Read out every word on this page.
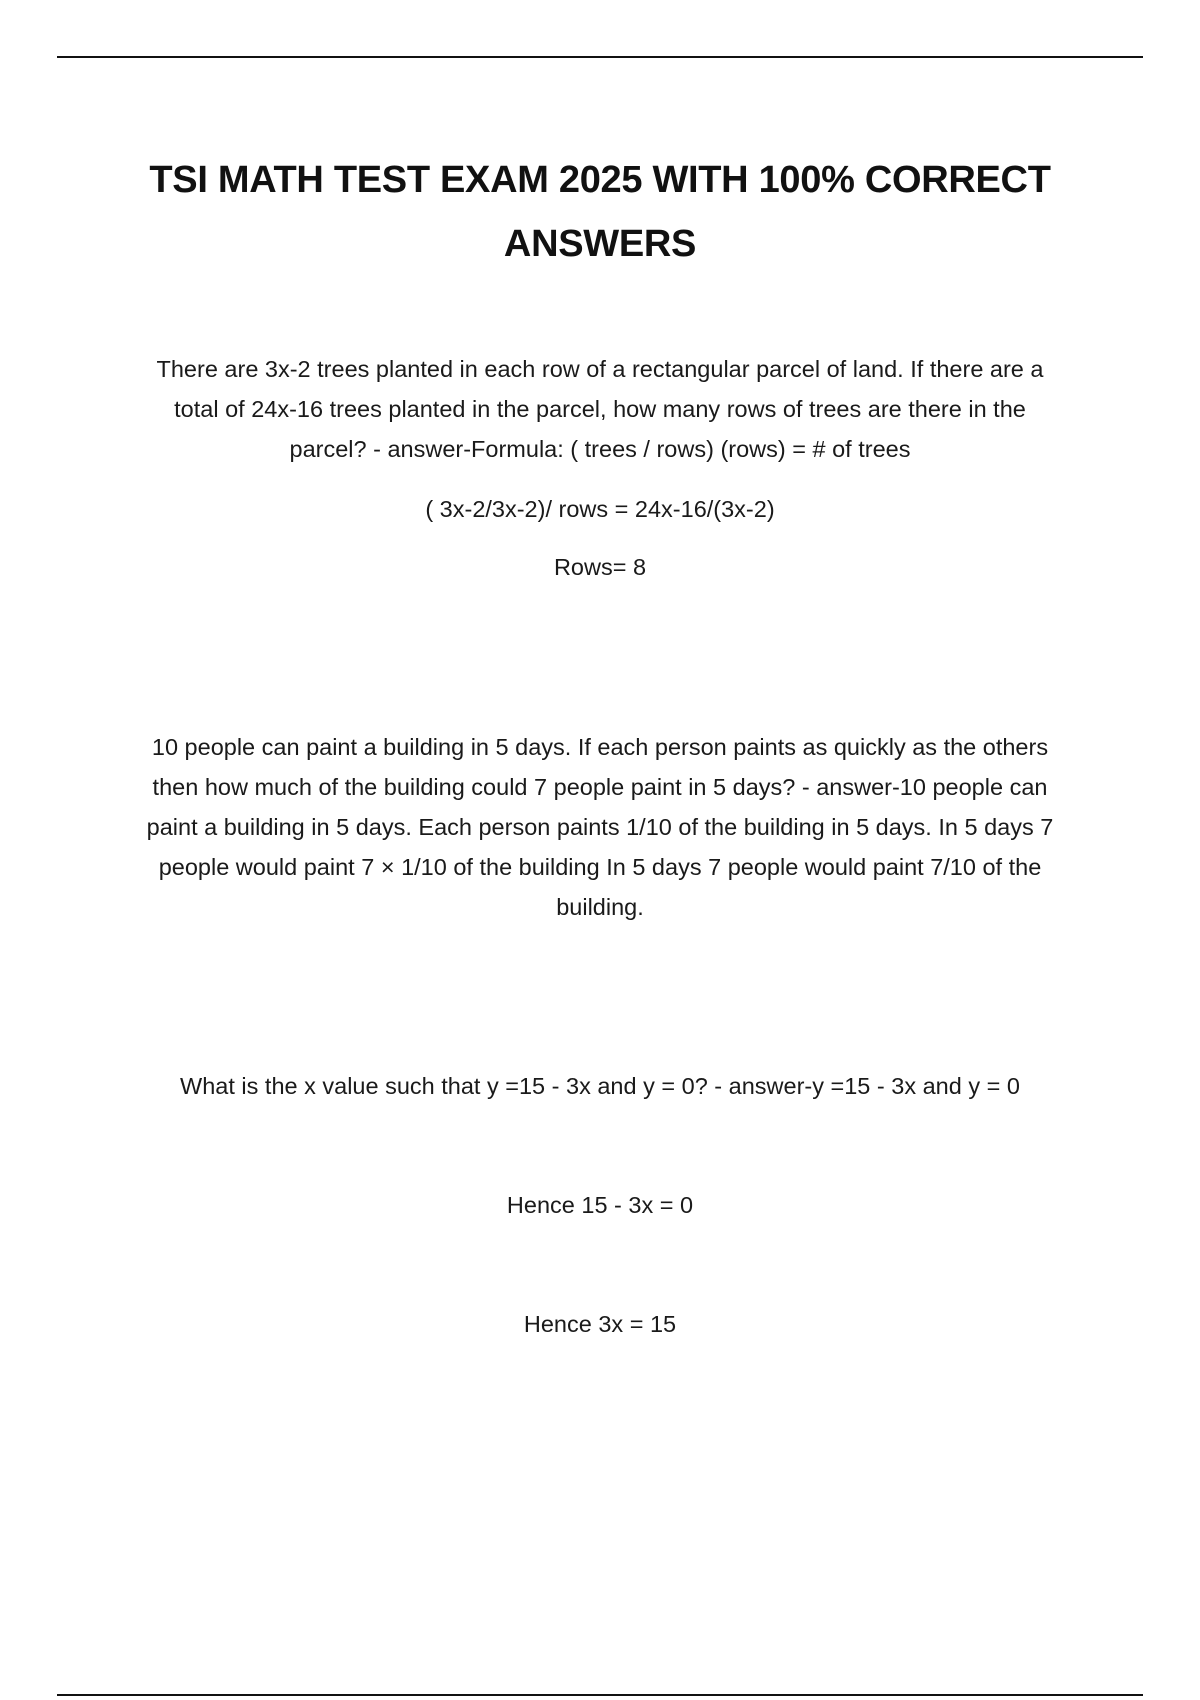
TSI MATH TEST EXAM 2025 WITH 100% CORRECT ANSWERS

There are 3x-2 trees planted in each row of a rectangular parcel of land. If there are a total of 24x-16 trees planted in the parcel, how many rows of trees are there in the parcel? - answer-Formula: ( trees / rows) (rows) = # of trees

( 3x-2/3x-2)/ rows = 24x-16/(3x-2)

Rows= 8

10 people can paint a building in 5 days. If each person paints as quickly as the others then how much of the building could 7 people paint in 5 days? - answer-10 people can paint a building in 5 days. Each person paints 1/10 of the building in 5 days. In 5 days 7 people would paint 7 × 1/10 of the building In 5 days 7 people would paint 7/10 of the building.

What is the x value such that y =15 - 3x and y = 0? - answer-y =15 - 3x and y = 0

Hence 15 - 3x = 0

Hence 3x = 15
